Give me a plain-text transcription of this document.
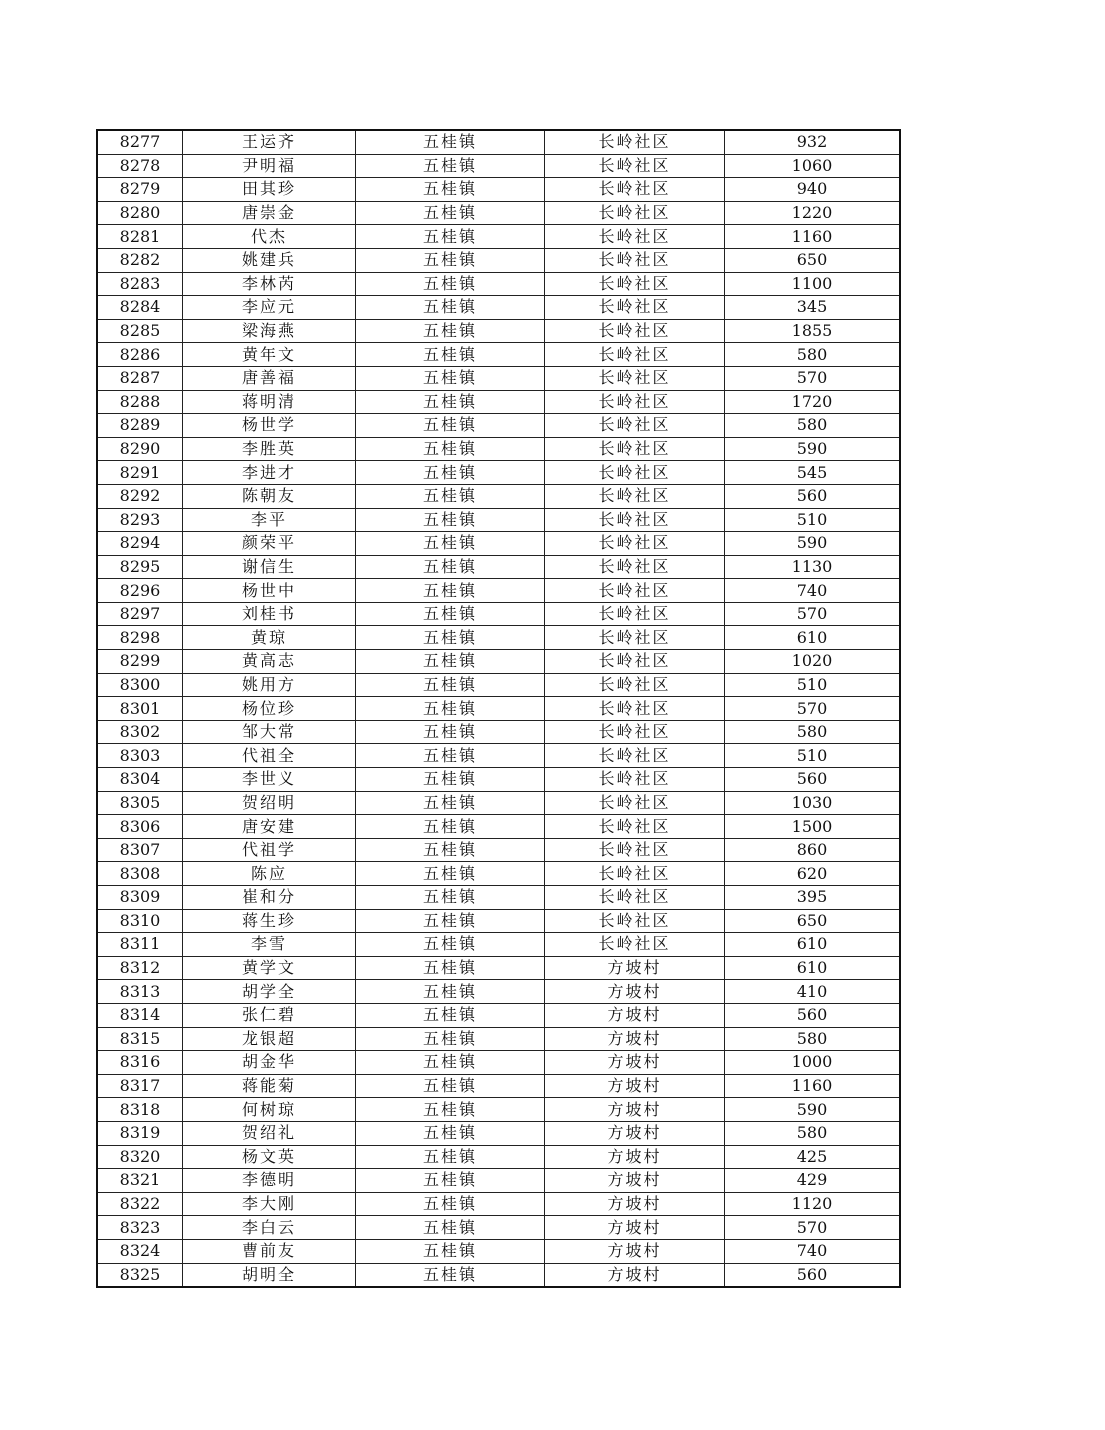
8277	王运齐	五桂镇	长岭社区	932
8278	尹明福	五桂镇	长岭社区	1060
8279	田其珍	五桂镇	长岭社区	940
8280	唐崇金	五桂镇	长岭社区	1220
8281	代杰	五桂镇	长岭社区	1160
8282	姚建兵	五桂镇	长岭社区	650
8283	李林芮	五桂镇	长岭社区	1100
8284	李应元	五桂镇	长岭社区	345
8285	梁海燕	五桂镇	长岭社区	1855
8286	黄年文	五桂镇	长岭社区	580
8287	唐善福	五桂镇	长岭社区	570
8288	蒋明清	五桂镇	长岭社区	1720
8289	杨世学	五桂镇	长岭社区	580
8290	李胜英	五桂镇	长岭社区	590
8291	李进才	五桂镇	长岭社区	545
8292	陈朝友	五桂镇	长岭社区	560
8293	李平	五桂镇	长岭社区	510
8294	颜荣平	五桂镇	长岭社区	590
8295	谢信生	五桂镇	长岭社区	1130
8296	杨世中	五桂镇	长岭社区	740
8297	刘桂书	五桂镇	长岭社区	570
8298	黄琼	五桂镇	长岭社区	610
8299	黄高志	五桂镇	长岭社区	1020
8300	姚用方	五桂镇	长岭社区	510
8301	杨位珍	五桂镇	长岭社区	570
8302	邹大常	五桂镇	长岭社区	580
8303	代祖全	五桂镇	长岭社区	510
8304	李世义	五桂镇	长岭社区	560
8305	贺绍明	五桂镇	长岭社区	1030
8306	唐安建	五桂镇	长岭社区	1500
8307	代祖学	五桂镇	长岭社区	860
8308	陈应	五桂镇	长岭社区	620
8309	崔和分	五桂镇	长岭社区	395
8310	蒋生珍	五桂镇	长岭社区	650
8311	李雪	五桂镇	长岭社区	610
8312	黄学文	五桂镇	方坡村	610
8313	胡学全	五桂镇	方坡村	410
8314	张仁碧	五桂镇	方坡村	560
8315	龙银超	五桂镇	方坡村	580
8316	胡金华	五桂镇	方坡村	1000
8317	蒋能菊	五桂镇	方坡村	1160
8318	何树琼	五桂镇	方坡村	590
8319	贺绍礼	五桂镇	方坡村	580
8320	杨文英	五桂镇	方坡村	425
8321	李德明	五桂镇	方坡村	429
8322	李大刚	五桂镇	方坡村	1120
8323	李白云	五桂镇	方坡村	570
8324	曹前友	五桂镇	方坡村	740
8325	胡明全	五桂镇	方坡村	560
